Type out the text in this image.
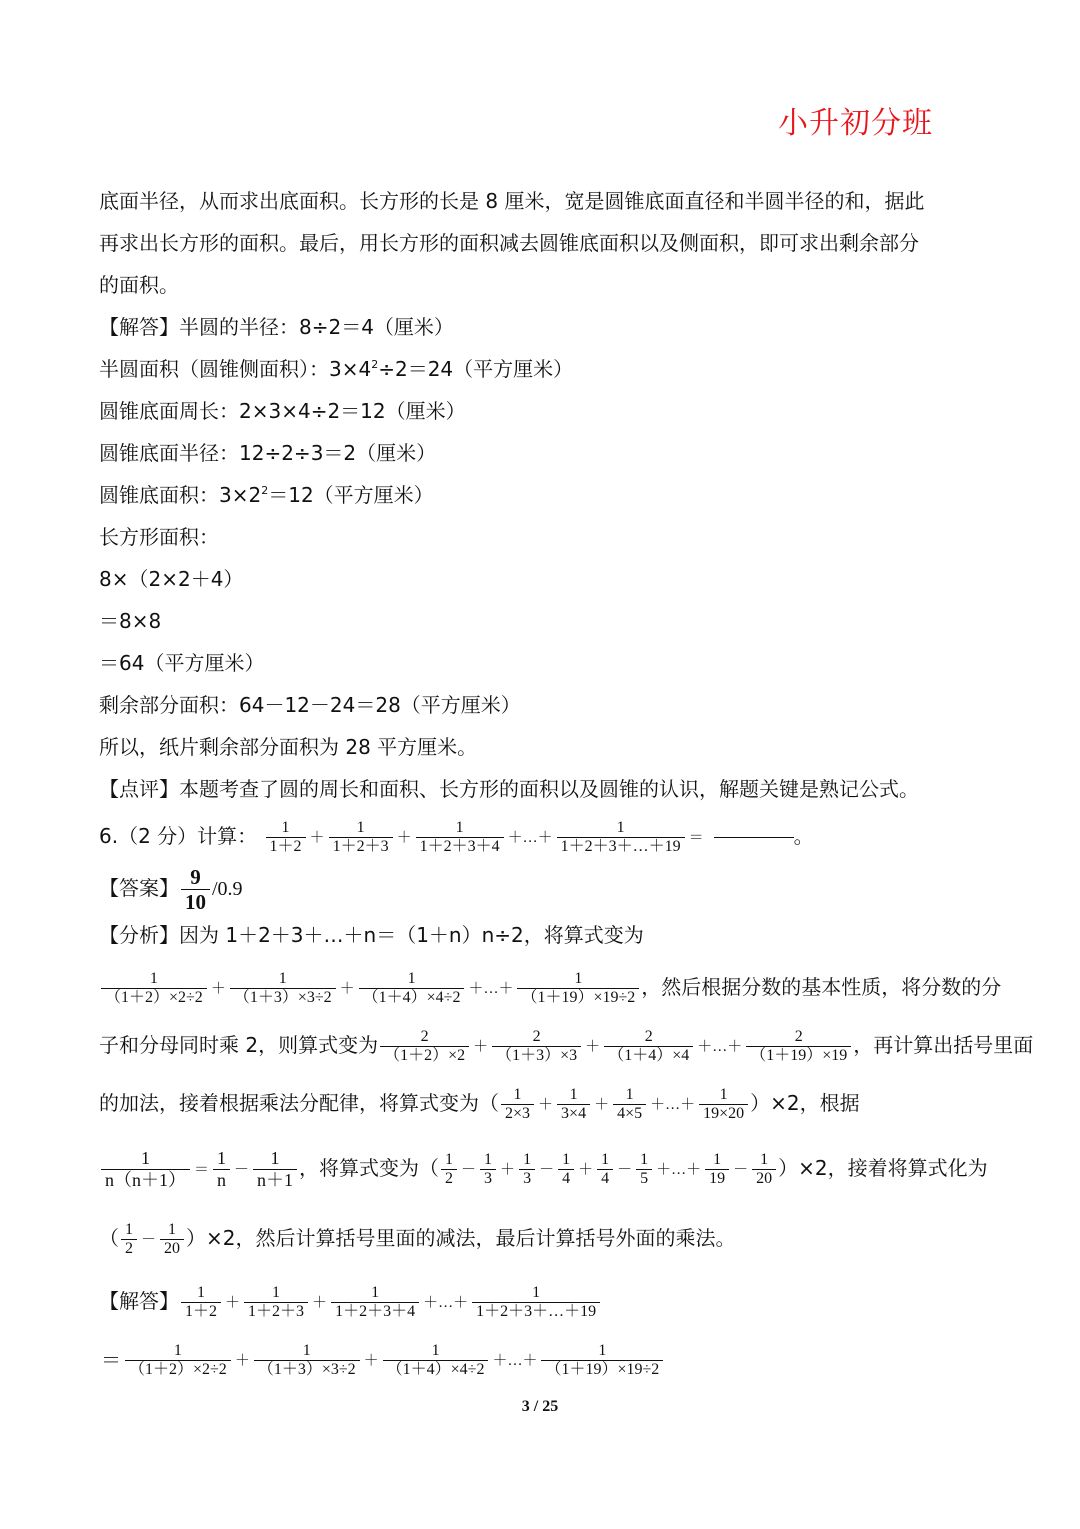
小升初分班
底面半径，从而求出底面积。长方形的长是 8 厘米，宽是圆锥底面直径和半圆半径的和，据此
再求出长方形的面积。最后，用长方形的面积减去圆锥底面积以及侧面积，即可求出剩余部分
的面积。
【解答】半圆的半径：8÷2＝4（厘米）
半圆面积（圆锥侧面积）：$3\times 4^2\div 2=24$（平方厘米）
圆锥底面周长：2×3×4÷2＝12（厘米）
圆锥底面半径：12÷2÷3＝2（厘米）
圆锥底面积：$3\times 2^2=12$（平方厘米）
长方形面积：
8×（2×2＋4）
＝8×8
＝64（平方厘米）
剩余部分面积：64－12－24＝28（平方厘米）
所以，纸片剩余部分面积为 28 平方厘米。
【点评】本题考查了圆的周长和面积、长方形的面积以及圆锥的认识，解题关键是熟记公式。
6.（2 分）计算： $\frac{1}{1+2} + \frac{1}{1+2+3} + \frac{1}{1+2+3+4}$ ＋…＋ $\frac{1}{1+2+3+\dots+19}$ ＝	。
【答案】 $\frac{9}{10} /0.9$
【分析】因为 1＋2＋3＋…＋n＝（1＋n）n÷2，将算式变为
$\frac{1}{(1+2)\times 2\div 2} + \frac{1}{(1+3)\times 3\div 2} + \frac{1}{(1+4)\times 4\div 2}$ ＋…＋ $\frac{1}{(1+19)\times 19\div 2}$ ，然后根据分数的基本性质，将分数的分
子和分母同时乘 2，则算式变为 $\frac{2}{(1+2)\times 2} + \frac{2}{(1+3)\times 3} + \frac{2}{(1+4)\times 4}$ ＋…＋ $\frac{2}{(1+19)\times 19}$ ，再计算出括号里面
的加法，接着根据乘法分配律，将算式变为（ $\frac{1}{2\times 3} + \frac{1}{3\times 4} + \frac{1}{4\times 5}$ ＋…＋ $\frac{1}{19\times 20} )\times 2$，根据
$\frac{1}{n(n+1)} = \frac{1}{n} - \frac{1}{n+1}$ ，将算式变为（ $\frac{1}{2} - \frac{1}{3} + \frac{1}{3} - \frac{1}{4} + \frac{1}{4} - \frac{1}{5}$ ＋…＋ $\frac{1}{19} - \frac{1}{20} )\times 2$，接着将算式化为
（ $\frac{1}{2} - \frac{1}{20} )\times 2$，然后计算括号里面的减法，最后计算括号外面的乘法。
【解答】 $\frac{1}{1+2} + \frac{1}{1+2+3} + \frac{1}{1+2+3+4}$ ＋…＋ $\frac{1}{1+2+3+\dots+19}$
＝ $\frac{1}{(1+2)\times 2\div 2} + \frac{1}{(1+3)\times 3\div 2} + \frac{1}{(1+4)\times 4\div 2}$ ＋…＋ $\frac{1}{(1+19)\times 19\div 2}$
3 / 25
